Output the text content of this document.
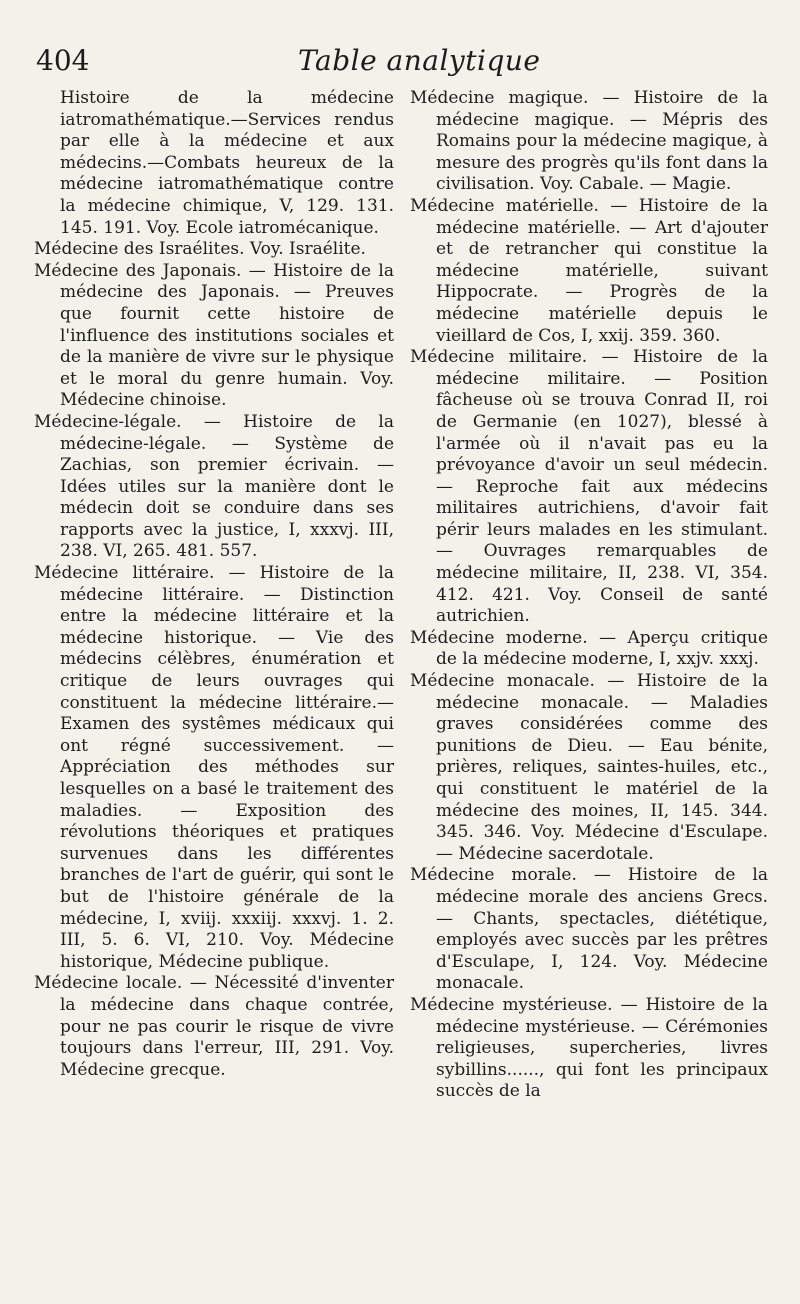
404	Table analytique
Histoire de la médecine iatromathématique.—Services rendus par elle à la médecine et aux médecins.—Combats heureux de la médecine iatromathématique contre la médecine chimique, V, 129. 131. 145. 191. Voy. Ecole iatromécanique.
Médecine des Israélites. Voy. Israélite.
Médecine des Japonais. — Histoire de la médecine des Japonais. — Preuves que fournit cette histoire de l'influence des institutions sociales et de la manière de vivre sur le physique et le moral du genre humain. Voy. Médecine chinoise.
Médecine-légale. — Histoire de la médecine-légale. — Système de Zachias, son premier écrivain. — Idées utiles sur la manière dont le médecin doit se conduire dans ses rapports avec la justice, I, xxxvj. III, 238. VI, 265. 481. 557.
Médecine littéraire. — Histoire de la médecine littéraire. — Distinction entre la médecine littéraire et la médecine historique. — Vie des médecins célèbres, énumération et critique de leurs ouvrages qui constituent la médecine littéraire.—Examen des systêmes médicaux qui ont régné successivement. — Appréciation des méthodes sur lesquelles on a basé le traitement des maladies. — Exposition des révolutions théoriques et pratiques survenues dans les différentes branches de l'art de guérir, qui sont le but de l'histoire générale de la médecine, I, xviij. xxxiij. xxxvj. 1. 2. III, 5. 6. VI, 210. Voy. Médecine historique, Médecine publique.
Médecine locale. — Nécessité d'inventer la médecine dans chaque contrée, pour ne pas courir le risque de vivre toujours dans l'erreur, III, 291. Voy. Médecine grecque.
Médecine magique. — Histoire de la médecine magique. — Mépris des Romains pour la médecine magique, à mesure des progrès qu'ils font dans la civilisation. Voy. Cabale. — Magie.
Médecine matérielle. — Histoire de la médecine matérielle. — Art d'ajouter et de retrancher qui constitue la médecine matérielle, suivant Hippocrate. — Progrès de la médecine matérielle depuis le vieillard de Cos, I, xxij. 359. 360.
Médecine militaire. — Histoire de la médecine militaire. — Position fâcheuse où se trouva Conrad II, roi de Germanie (en 1027), blessé à l'armée où il n'avait pas eu la prévoyance d'avoir un seul médecin. — Reproche fait aux médecins militaires autrichiens, d'avoir fait périr leurs malades en les stimulant. — Ouvrages remarquables de médecine militaire, II, 238. VI, 354. 412. 421. Voy. Conseil de santé autrichien.
Médecine moderne. — Aperçu critique de la médecine moderne, I, xxjv. xxxj.
Médecine monacale. — Histoire de la médecine monacale. — Maladies graves considérées comme des punitions de Dieu. — Eau bénite, prières, reliques, saintes-huiles, etc., qui constituent le matériel de la médecine des moines, II, 145. 344. 345. 346. Voy. Médecine d'Esculape. — Médecine sacerdotale.
Médecine morale. — Histoire de la médecine morale des anciens Grecs. — Chants, spectacles, diététique, employés avec succès par les prêtres d'Esculape, I, 124. Voy. Médecine monacale.
Médecine mystérieuse. — Histoire de la médecine mystérieuse. — Cérémonies religieuses, supercheries, livres sybillins......, qui font les principaux succès de la
